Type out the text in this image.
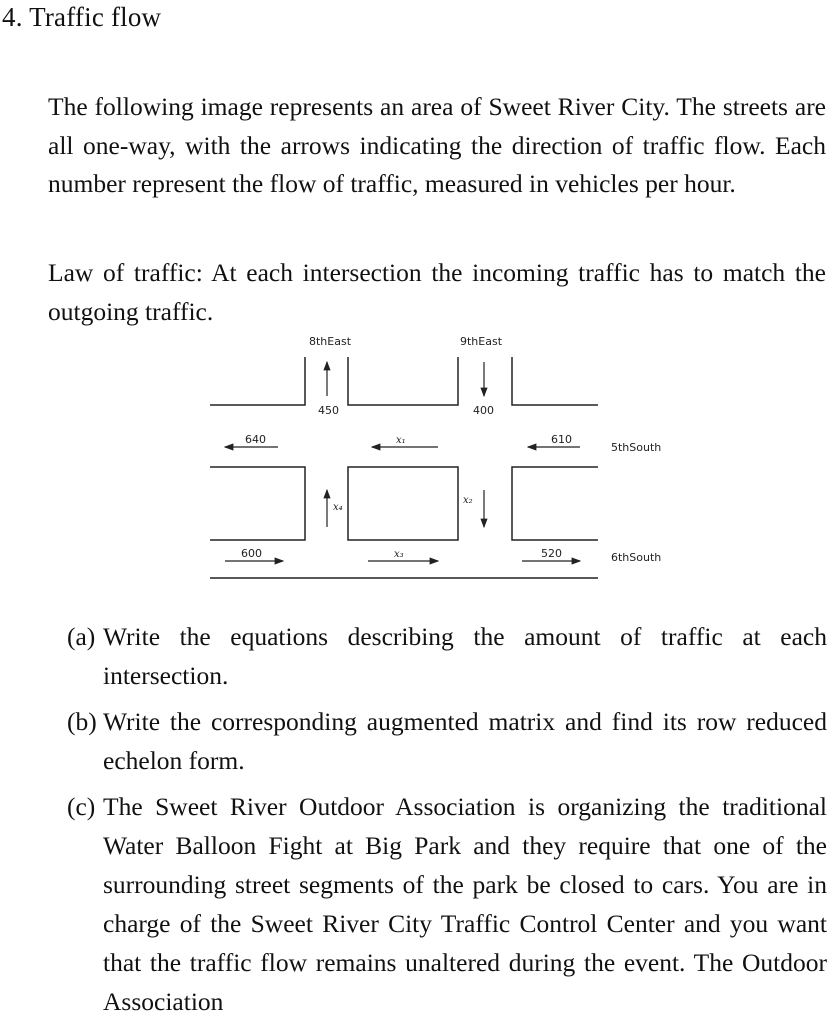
4. Traffic flow
The following image represents an area of Sweet River City. The streets are all one-way, with the arrows indicating the direction of traffic flow. Each number represent the flow of traffic, measured in vehicles per hour.
Law of traffic: At each intersection the incoming traffic has to match the outgoing traffic.
8thEast	9thEast
5thSouth
6thSouth
450	400
640	610
600	520
x₁
x₄
x₂
x₃
(a) Write the equations describing the amount of traffic at each intersection.
(b) Write the corresponding augmented matrix and find its row reduced echelon form.
(c) The Sweet River Outdoor Association is organizing the traditional Water Balloon Fight at Big Park and they require that one of the surrounding street segments of the park be closed to cars. You are in charge of the Sweet River City Traffic Control Center and you want that the traffic flow remains unaltered during the event. The Outdoor Association
